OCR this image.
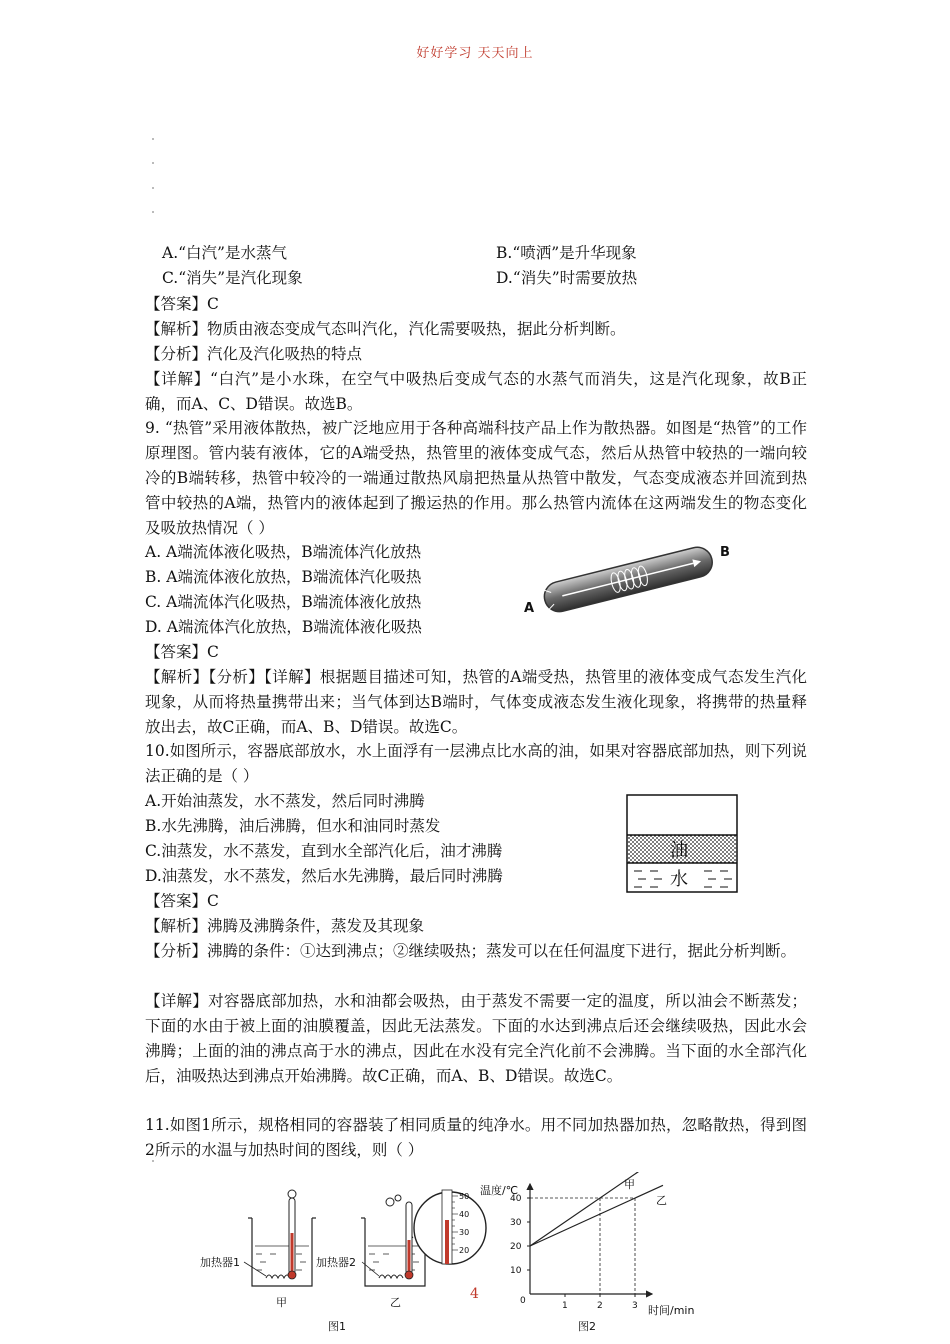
好好学习 天天向上
A.“白汽”是水蒸气	B.“喷洒”是升华现象
C.“消失”是汽化现象	D.“消失”时需要放热
【答案】C
【解析】物质由液态变成气态叫汽化，汽化需要吸热，据此分析判断。
【分析】汽化及汽化吸热的特点
【详解】“白汽”是小水珠，在空气中吸热后变成气态的水蒸气而消失，这是汽化现象，故B正确，而A、C、D错误。故选B。
9. “热管”采用液体散热，被广泛地应用于各种高端科技产品上作为散热器。如图是“热管”的工作原理图。管内装有液体，它的A端受热，热管里的液体变成气态，然后从热管中较热的一端向较冷的B端转移，热管中较冷的一端通过散热风扇把热量从热管中散发，气态变成液态并回流到热管中较热的A端，热管内的液体起到了搬运热的作用。那么热管内流体在这两端发生的物态变化及吸放热情况（ ）
A. A端流体液化吸热，B端流体汽化放热
B. A端流体液化放热，B端流体汽化吸热
C. A端流体汽化吸热，B端流体液化放热
D. A端流体汽化放热，B端流体液化吸热
A
B
【答案】C
【解析】【分析】【详解】根据题目描述可知，热管的A端受热，热管里的液体变成气态发生汽化现象，从而将热量携带出来；当气体到达B端时，气体变成液态发生液化现象，将携带的热量释放出去，故C正确，而A、B、D错误。故选C。
10.如图所示，容器底部放水，水上面浮有一层沸点比水高的油，如果对容器底部加热，则下列说法正确的是（ ）
A.开始油蒸发，水不蒸发，然后同时沸腾
B.水先沸腾，油后沸腾，但水和油同时蒸发
C.油蒸发，水不蒸发，直到水全部汽化后，油才沸腾
D.油蒸发，水不蒸发，然后水先沸腾，最后同时沸腾
油
水
【答案】C
【解析】沸腾及沸腾条件，蒸发及其现象
【分析】沸腾的条件：①达到沸点；②继续吸热；蒸发可以在任何温度下进行，据此分析判断。
【详解】对容器底部加热，水和油都会吸热，由于蒸发不需要一定的温度，所以油会不断蒸发；下面的水由于被上面的油膜覆盖，因此无法蒸发。下面的水达到沸点后还会继续吸热，因此水会沸腾；上面的油的沸点高于水的沸点，因此在水没有完全汽化前不会沸腾。当下面的水全部汽化后，油吸热达到沸点开始沸腾。故C正确，而A、B、D错误。故选C。
11.如图1所示，规格相同的容器装了相同质量的纯净水。用不同加热器加热，忽略散热，得到图2所示的水温与加热时间的图线，则（ ）
加热器1
甲
加热器2
乙
50
40
30
20
图1
4
40
30
20
10
1	2	3
温度/℃
时间/min
0
甲
乙
图2
